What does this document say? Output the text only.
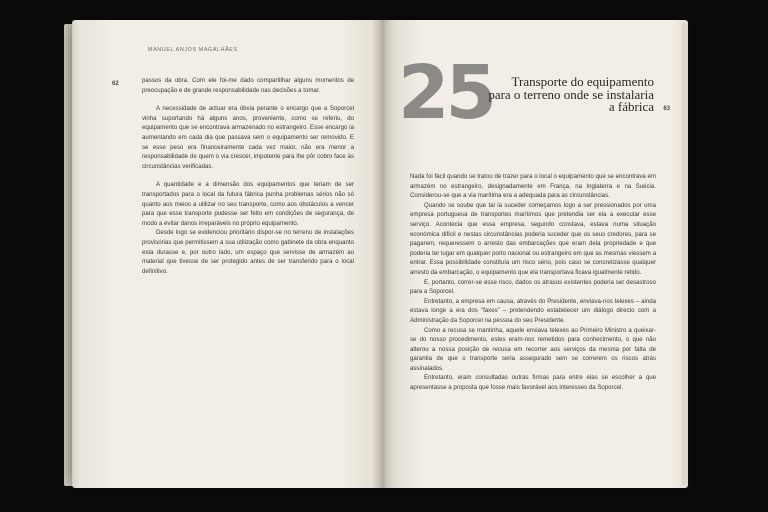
MANUEL ANJOS MAGALHÃES
62	passos da obra. Com ele foi-me dado compartilhar alguns momentos de preocupação e de grande responsabilidade nas decisões a tomar.

A necessidade de actuar era óbvia perante o encargo que a Soporcel vinha suportando há alguns anos, proveniente, como se referiu, do equipamento que se encontrava armazenado no estrangeiro. Esse encargo ia aumentando em cada dia que passava sem o equipamento ser removido. E se esse peso era financeiramente cada vez maior, não era menor a responsabilidade de quem o via crescer, impotente para lhe pôr cobro face às circunstâncias verificadas.

A quantidade e a dimensão dos equipamentos que teriam de ser transportados para o local da futura fábrica punha problemas sérios não só quanto aos meios a utilizar no seu transporte, como aos obstáculos a vencer para que esse transporte pudesse ser feito em condições de segurança, de modo a evitar danos irreparáveis no próprio equipamento.

Desde logo se evidenciou prioritário dispor-se no terreno de instalações provisórias que permitissem a sua utilização como gabinete da obra enquanto esta durasse e, por outro lado, um espaço que servisse de armazém ao material que tivesse de ser protegido antes de ser transferido para o local definitivo.

25	Transporte do equipamento para o terreno onde se instalaria a fábrica 63

Nada foi fácil quando se tratou de trazer para o local o equipamento que se encontrava em armazém no estrangeiro, designadamente em França, na Inglaterra e na Suécia. Considerou-se que a via marítima era a adequada para as circunstâncias.

Quando se soube que tal ia suceder começamos logo a ser pressionados por uma empresa portuguesa de transportes marítimos que pretendia ser ela a executar esse serviço. Acontecia que essa empresa, segundo constava, estava numa situação económica difícil e nestas circunstâncias poderia suceder que os seus credores, para se pagarem, requeressem o arresto das embarcações que eram dela propriedade e que poderia ter lugar em qualquer porto nacional ou estrangeiro em que as mesmas viessem a entrar. Essa possibilidade constituía um risco sério, pois caso se concretizasse qualquer arresto da embarcação, o equipamento que ela transportava ficava igualmente retido.

E, portanto, correr-se esse risco, dados os atrasos existentes poderia ser desastroso para a Soporcel.

Entretanto, a empresa em causa, através do Presidente, enviava-nos telexes – ainda estava longe a era dos “faxes” – pretendendo estabelecer um diálogo directo com a Administração da Soporcel na pessoa do seu Presidente.

Como a recusa se mantinha, aquele enviava telexes ao Primeiro Ministro a queixar-se do nosso procedimento, estes eram-nos remetidos para conhecimento, o que não alterou a nossa posição de recusa em recorrer aos serviços da mesma por falta de garantia de que o transporte seria assegurado sem se correrem os riscos atrás assinalados.

Entretanto, eram consultadas outras firmas para entre elas se escolher a que apresentasse a proposta que fosse mais favorável aos interesses da Soporcel.
